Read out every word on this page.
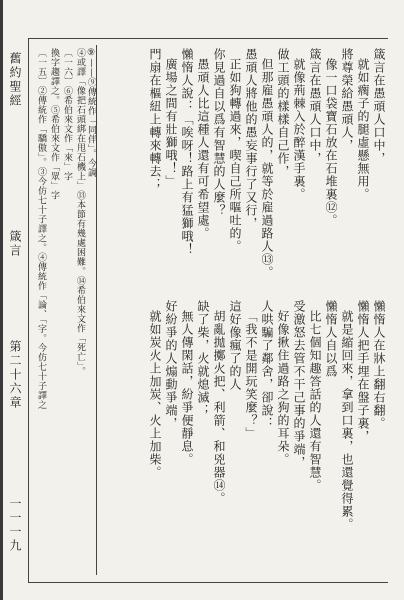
舊約聖經
箴言
第二十六章
一一一九
〔一五〕②傳統作「驕傲」。③今仿七十子譯之。④傳統作「論、「字。今仿七十子譯之 換字趨譯之。⑤希伯來文作「眾」字 〔一六〕⑥希伯來文作「來」字 ④或譯「像把石頭綁在甩石機上」⑬本節有幾處困難。⑭希伯來文作「死亡」。 ⑨——⑨傳統作「同伴」。今調	箴言在愚頑人口中，
就如瘸子的腿虛懸無用。
將尊榮給愚頑人，
像一口袋寶石放在石堆裏⑫。
箴言在愚頑人口中，
就像荊棘入於醉漢手裏。
做工頭的樣樣自己作，
但那雇愚頑人的，就等於雇過路人⑬。
愚頑人將他的愚妄事行了又行，
正如狗轉過來，喫自己所嘔吐的。
你見過自以爲有智慧的人麼？
愚頑人比這種人還有可希望處。
懶惰人說：「唉呀！路上有猛獅哦！
廣場之間有壯獅哦！」
門扇在樞紐上轉來轉去；
懶惰人在牀上翻右翻。
懶惰人把手埋在盤子裏，
就是縮回來，拿到口裏，也還覺得累。
懶惰人自以爲
比七個知趣答話的人還有智慧。
受激怒去管不干己事的爭端，
好像揪住過路之狗的耳朵。
人哄騙了鄰舍，卻說：
「我不是開玩笑麼？」
這好像瘋了的人
胡亂拋擲火把、利箭、和兇器⑭。
缺了柴，火就熄滅；
無人傳閑話，紛爭便靜息。
好紛爭的人煽動爭端，
就如炭火上加炭、火上加柴。
